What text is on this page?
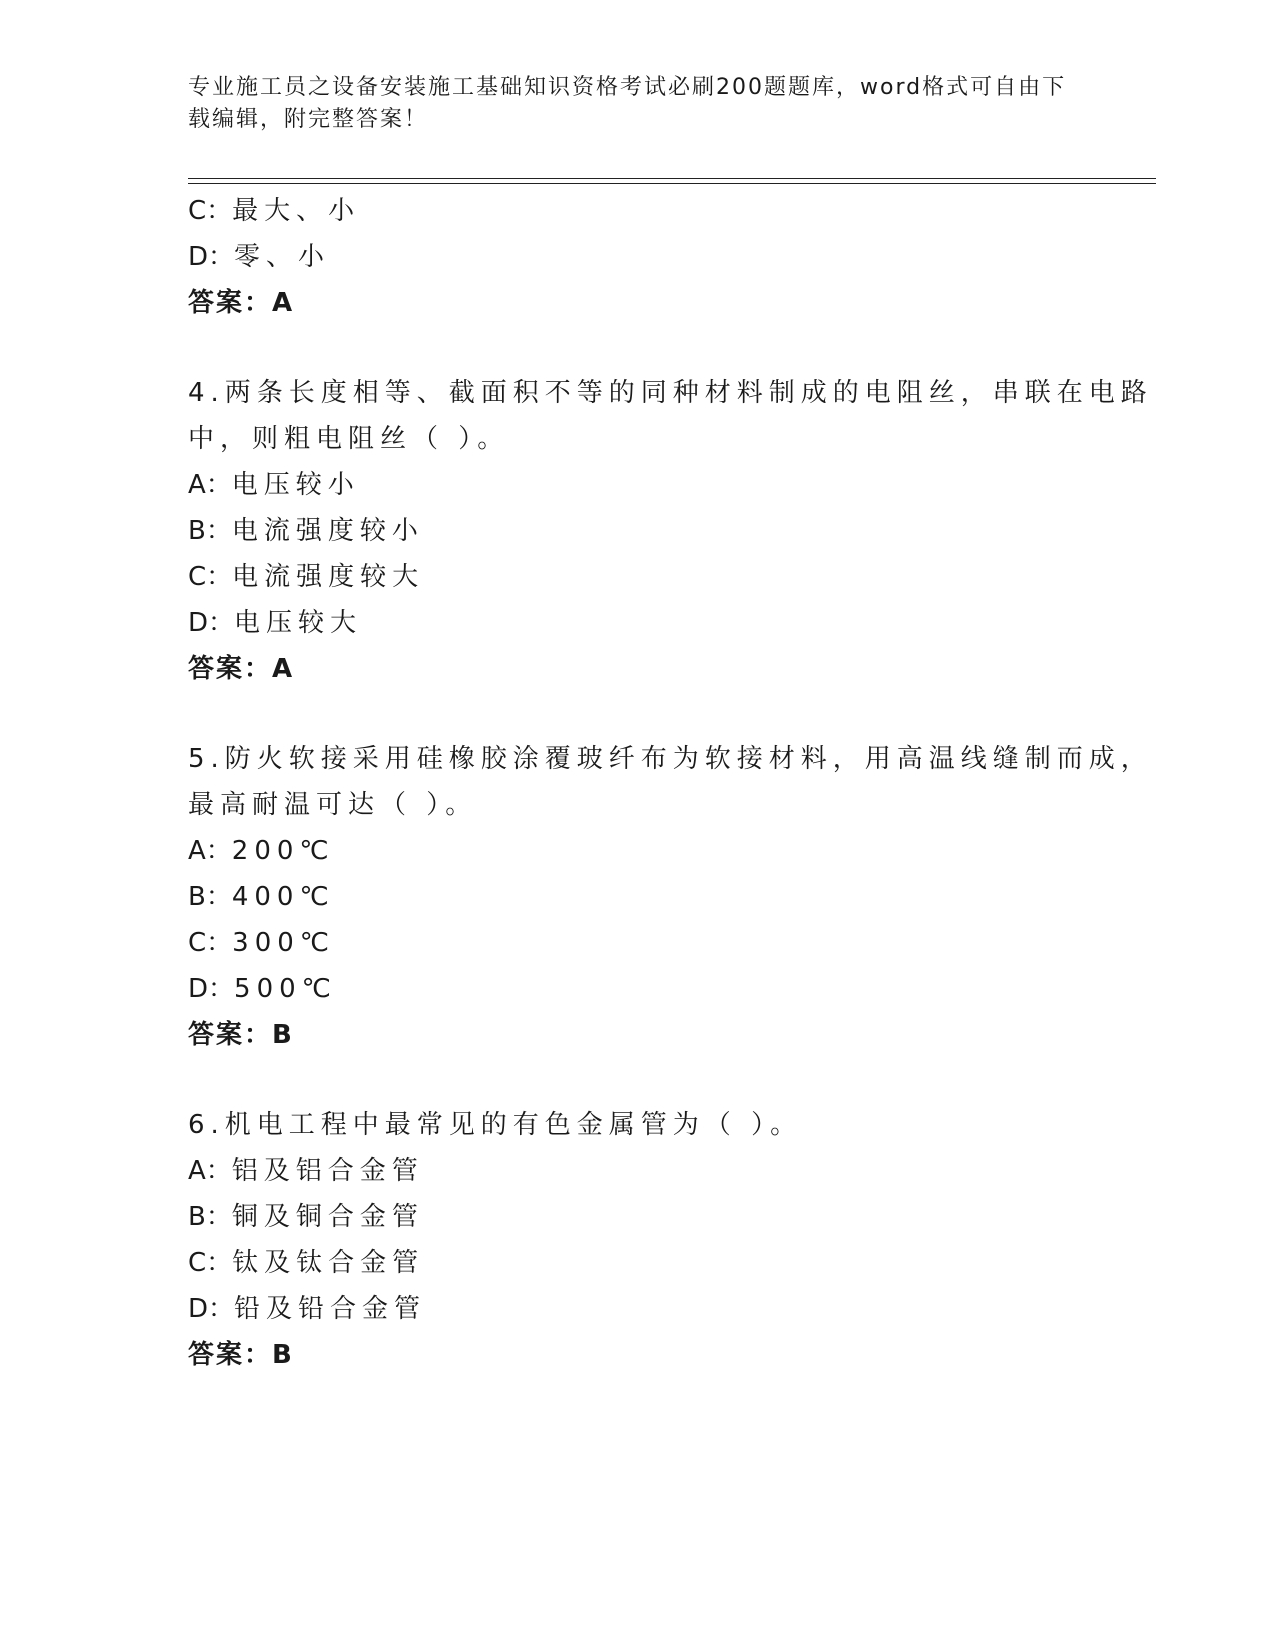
专业施工员之设备安装施工基础知识资格考试必刷200题题库，word格式可自由下载编辑，附完整答案！
C：最大、小
D：零、小
答案：A
4.两条长度相等、截面积不等的同种材料制成的电阻丝，串联在电路
中，则粗电阻丝（ ）。
A：电压较小
B：电流强度较小
C：电流强度较大
D：电压较大
答案：A
5.防火软接采用硅橡胶涂覆玻纤布为软接材料，用高温线缝制而成，
最高耐温可达（ ）。
A：200℃
B：400℃
C：300℃
D：500℃
答案：B
6.机电工程中最常见的有色金属管为（ ）。
A：铝及铝合金管
B：铜及铜合金管
C：钛及钛合金管
D：铅及铅合金管
答案：B
